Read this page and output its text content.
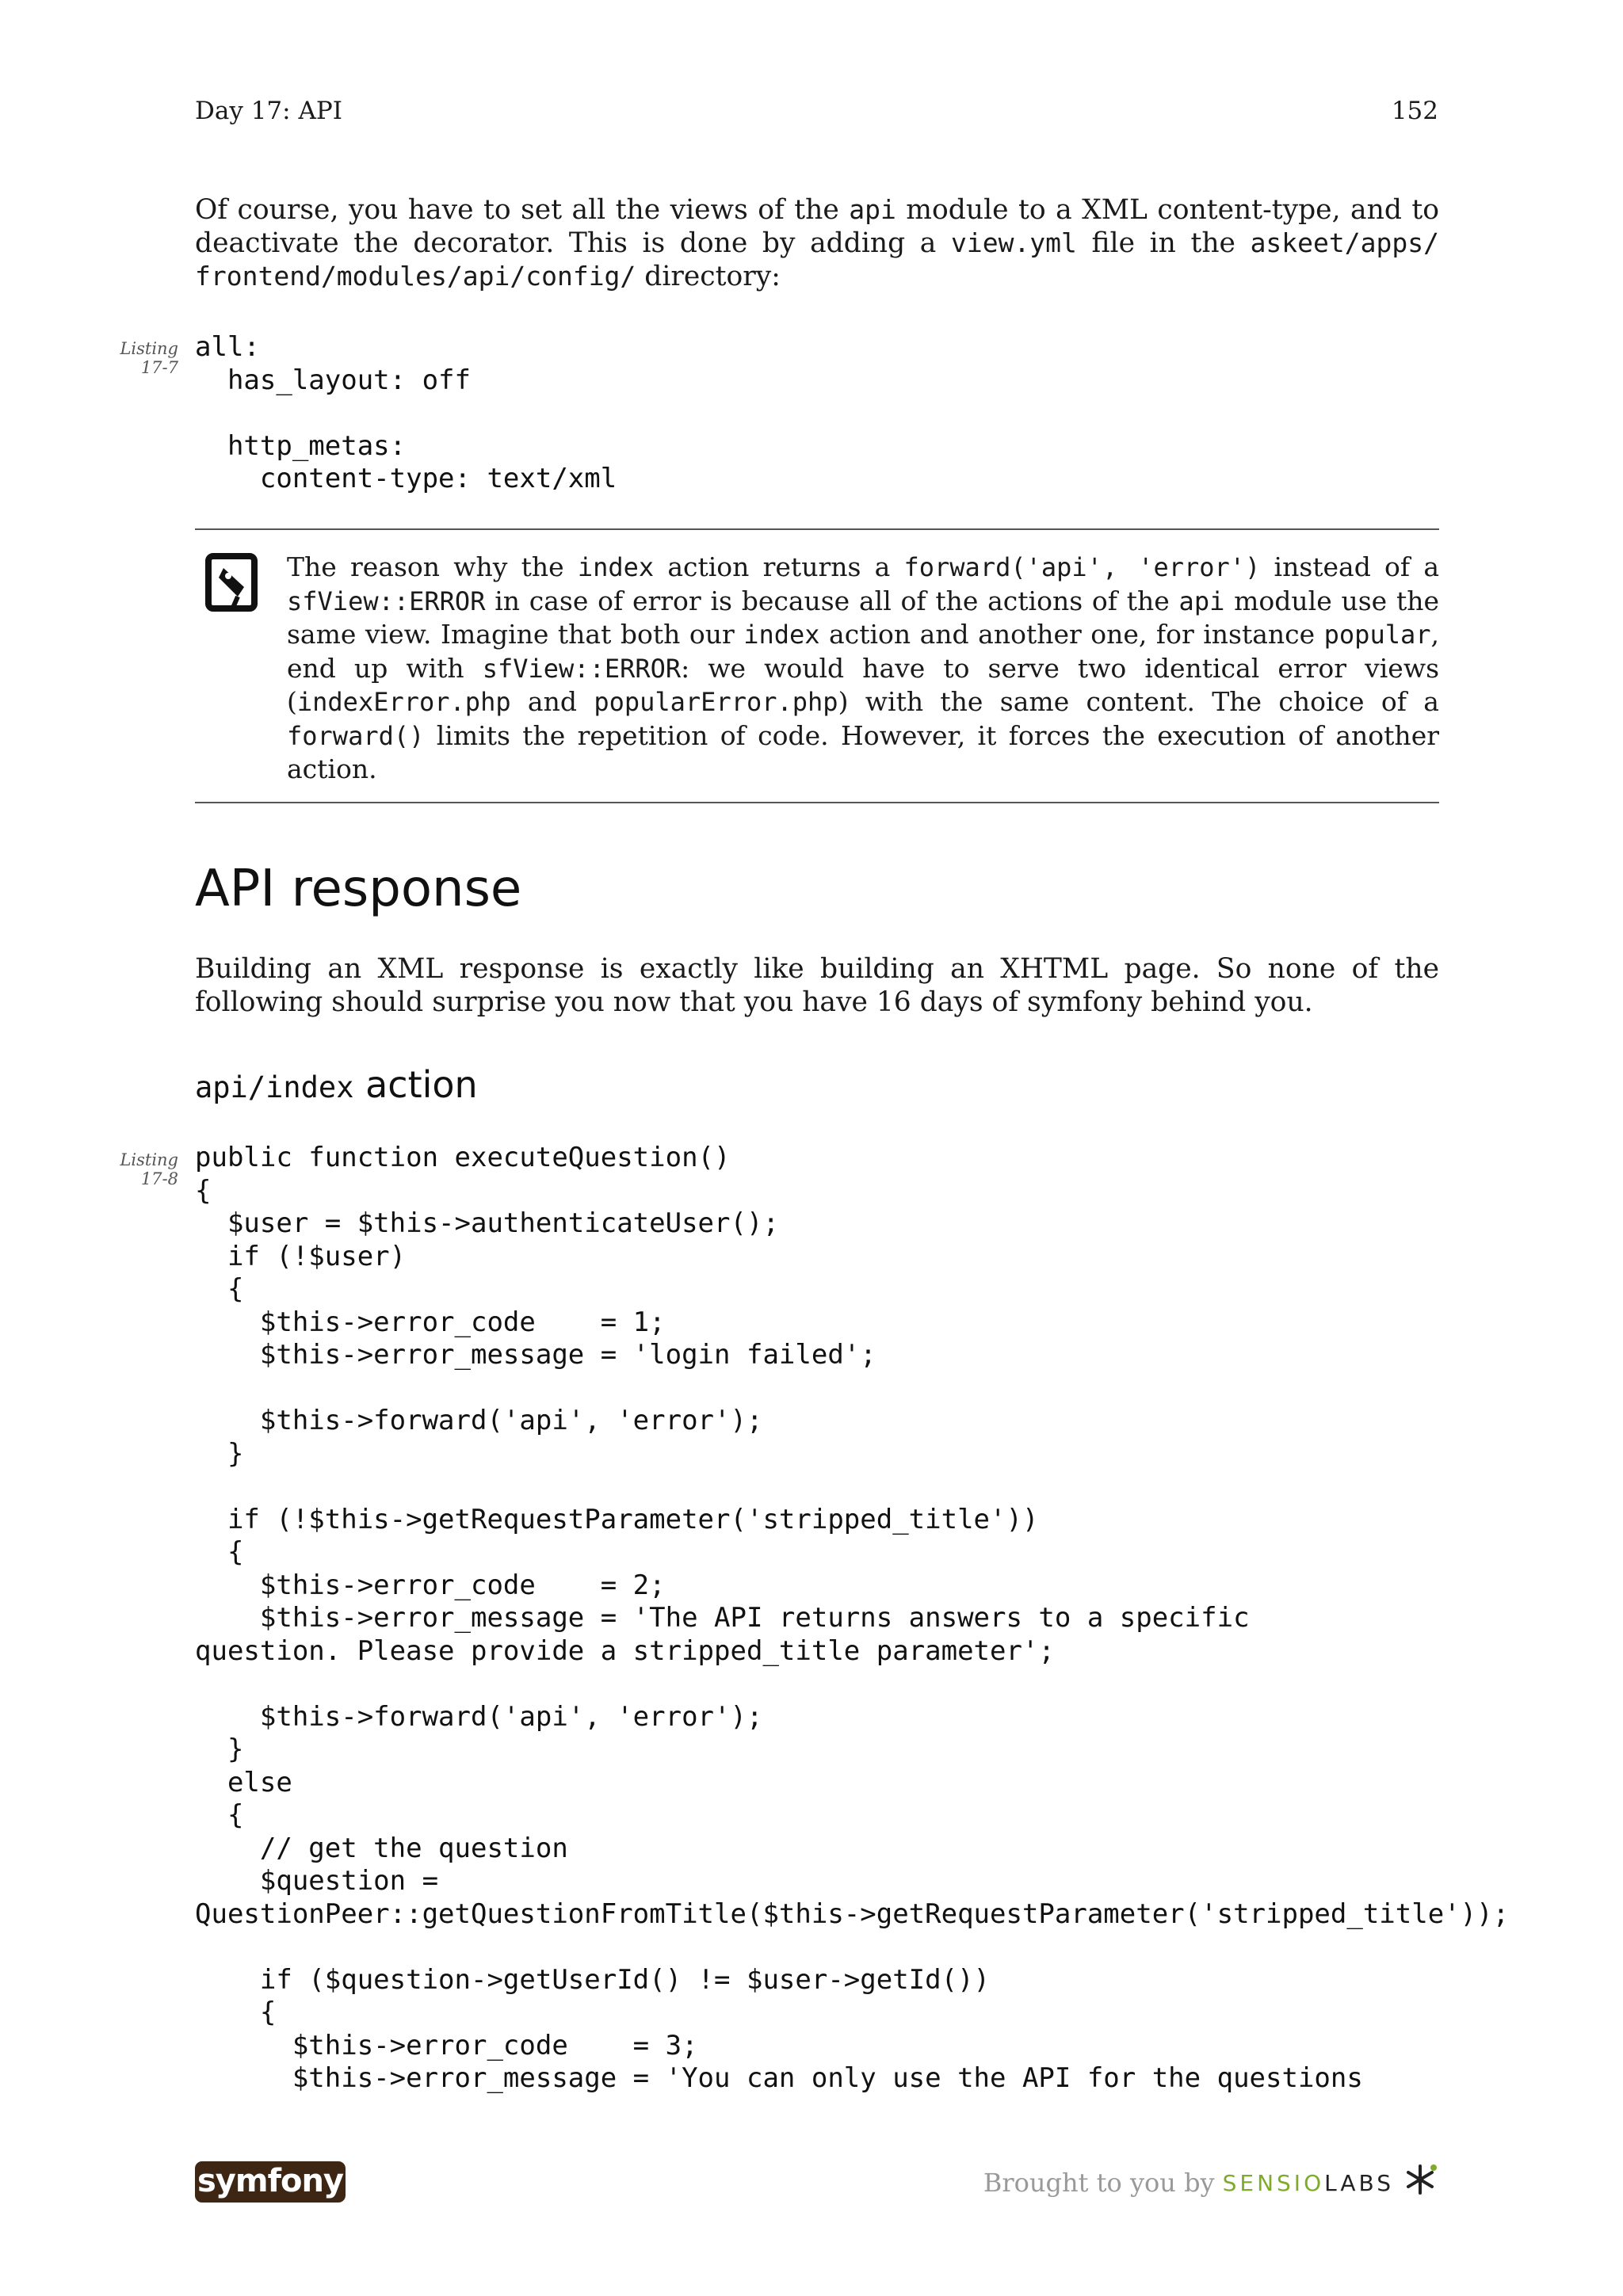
Day 17: API	152

Of course, you have to set all the views of the api module to a XML content-type, and to deactivate the decorator. This is done by adding a view.yml file in the askeet/apps/ frontend/modules/api/config/ directory:

Listing
17-7
all:
has_layout: off

http_metas:
content-type: text/xml

The reason why the index action returns a forward('api', 'error') instead of a sfView::ERROR in case of error is because all of the actions of the api module use the same view. Imagine that both our index action and another one, for instance popular, end up with sfView::ERROR: we would have to serve two identical error views (indexError.php and popularError.php) with the same content. The choice of a forward() limits the repetition of code. However, it forces the execution of another action.

API response

Building an XML response is exactly like building an XHTML page. So none of the following should surprise you now that you have 16 days of symfony behind you.

api/index action
Listing
17-8
public function executeQuestion()
{
$user = $this->authenticateUser();
if (!$user)
{
$this->error_code    = 1;
$this->error_message = 'login failed';

$this->forward('api', 'error');
}

if (!$this->getRequestParameter('stripped_title'))
{
$this->error_code    = 2;
$this->error_message = 'The API returns answers to a specific
question. Please provide a stripped_title parameter';

$this->forward('api', 'error');
}
else
{
// get the question
$question =
QuestionPeer::getQuestionFromTitle($this->getRequestParameter('stripped_title'));

if ($question->getUserId() != $user->getId())
{
$this->error_code    = 3;
$this->error_message = 'You can only use the API for the questions
symfony	Brought to you by SENSIOLABS
